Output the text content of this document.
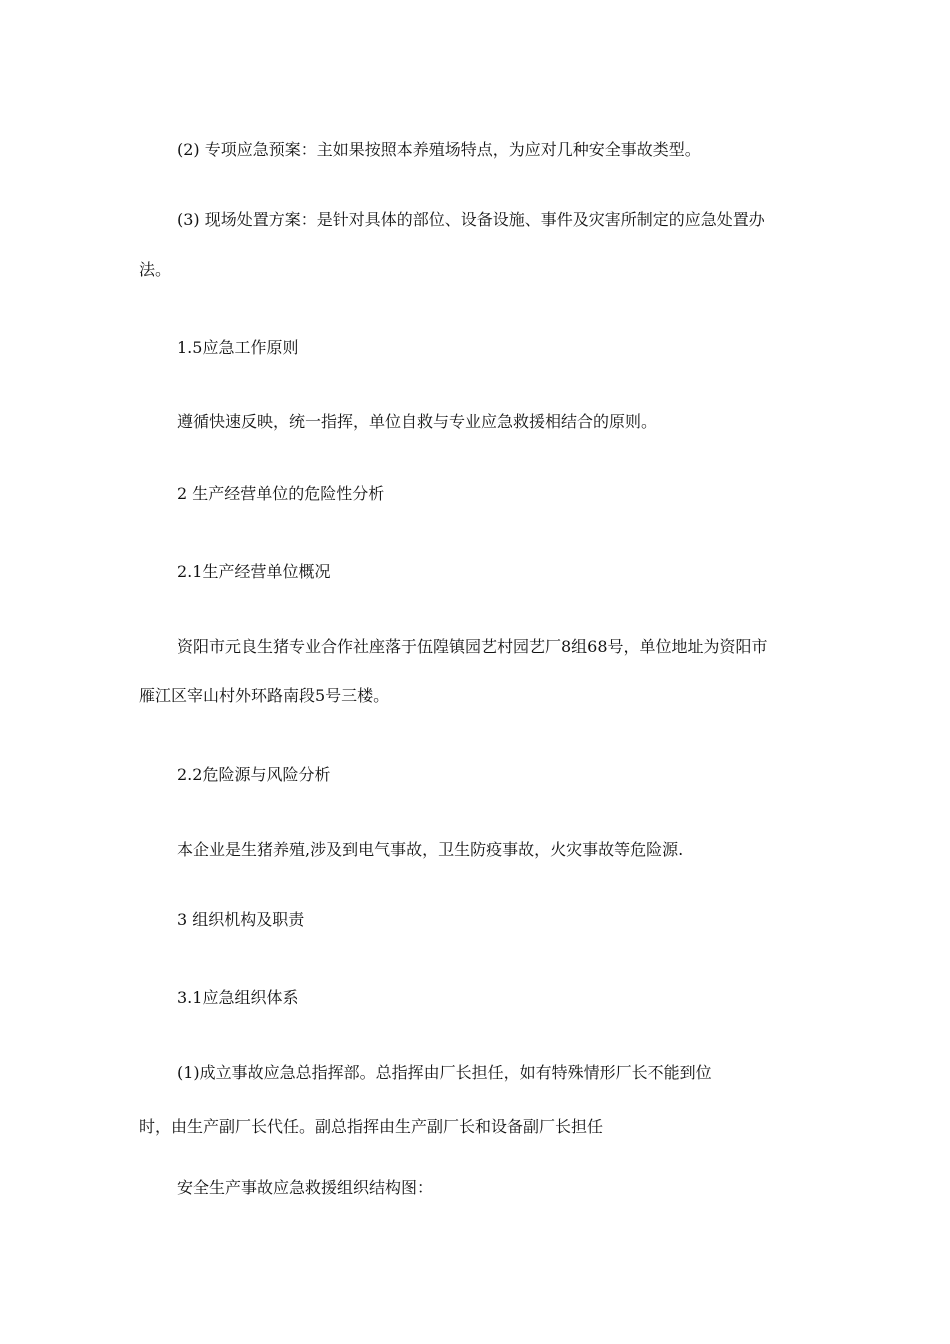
(2) 专项应急预案：主如果按照本养殖场特点，为应对几种安全事故类型。

(3) 现场处置方案：是针对具体的部位、设备设施、事件及灾害所制定的应急处置办

法。

1.5应急工作原则

遵循快速反映，统一指挥，单位自救与专业应急救援相结合的原则。

2 生产经营单位的危险性分析

2.1生产经营单位概况

资阳市元良生猪专业合作社座落于伍隍镇园艺村园艺厂8组68号，单位地址为资阳市

雁江区宰山村外环路南段5号三楼。

2.2危险源与风险分析

本企业是生猪养殖,涉及到电气事故，卫生防疫事故，火灾事故等危险源.

3 组织机构及职责

3.1应急组织体系

(1)成立事故应急总指挥部。总指挥由厂长担任，如有特殊情形厂长不能到位

时，由生产副厂长代任。副总指挥由生产副厂长和设备副厂长担任

安全生产事故应急救援组织结构图：
